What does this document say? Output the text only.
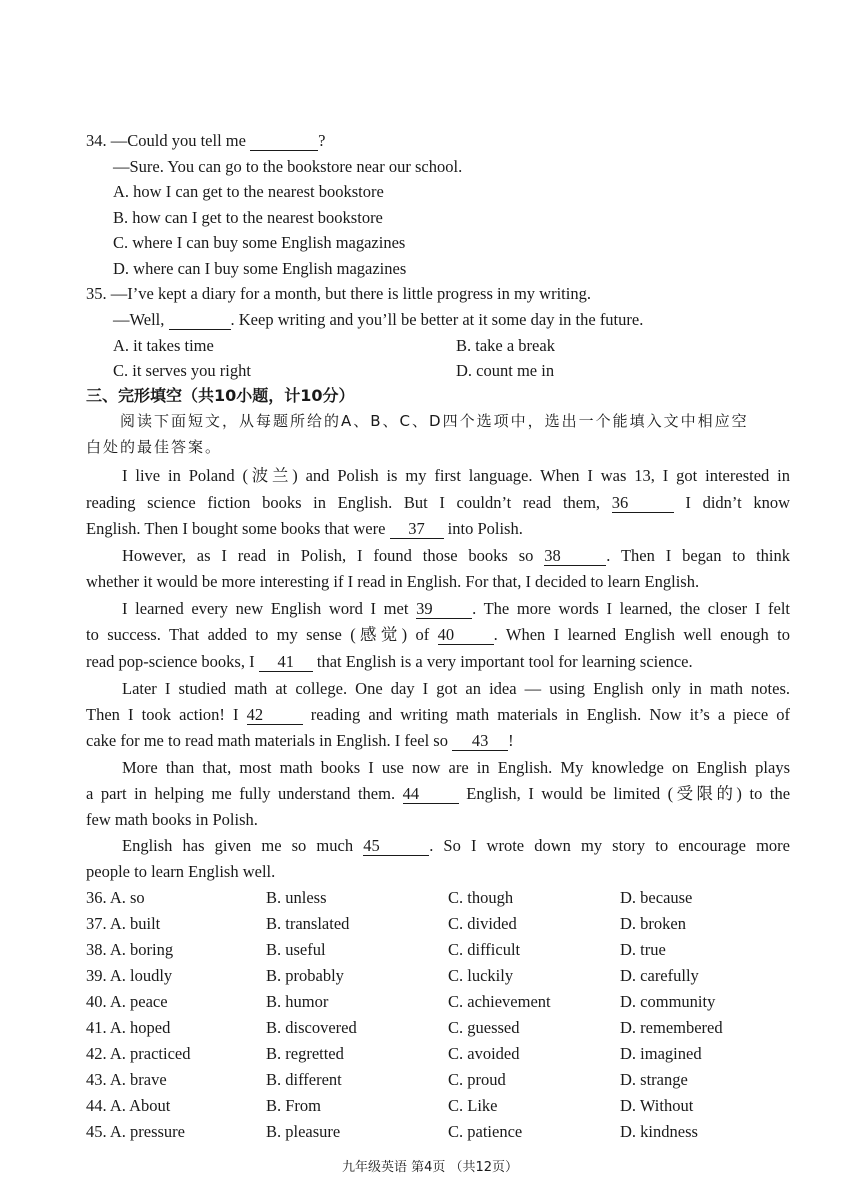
34. —Could you tell me	?
—Sure. You can go to the bookstore near our school.
A. how I can get to the nearest bookstore
B. how can I get to the nearest bookstore
C. where I can buy some English magazines
D. where can I buy some English magazines
35. —I’ve kept a diary for a month, but there is little progress in my writing.
—Well,	. Keep writing and you’ll be better at it some day in the future.
A. it takes time	B. take a break
C. it serves you right	D. count me in
三、完形填空（共10小题，计10分）
阅读下面短文，从每题所给的A、B、C、D四个选项中，选出一个能填入文中相应空
白处的最佳答案。
I live in Poland (波兰) and Polish is my first language. When I was 13, I got interested in
reading science fiction books in English. But I couldn’t read them, 36	I didn’t know
English. Then I bought some books that were 37 into Polish.
However, as I read in Polish, I found those books so 38	. Then I began to think
whether it would be more interesting if I read in English. For that, I decided to learn English.
I learned every new English word I met 39 . The more words I learned, the closer I felt
to success. That added to my sense (感觉) of 40 . When I learned English well enough to
read pop-science books, I 41 that English is a very important tool for learning science.
Later I studied math at college. One day I got an idea — using English only in math notes.
Then I took action! I 42	reading and writing math materials in English. Now it’s a piece of
cake for me to read math materials in English. I feel so 43 !
More than that, most math books I use now are in English. My knowledge on English plays
a part in helping me fully understand them. 44	English, I would be limited (受限的) to the
few math books in Polish.
English has given me so much 45	. So I wrote down my story to encourage more
people to learn English well.
36. A. so	B. unless	C. though	D. because
37. A. built	B. translated	C. divided	D. broken
38. A. boring	B. useful	C. difficult	D. true
39. A. loudly	B. probably	C. luckily	D. carefully
40. A. peace	B. humor	C. achievement	D. community
41. A. hoped	B. discovered	C. guessed	D. remembered
42. A. practiced	B. regretted	C. avoided	D. imagined
43. A. brave	B. different	C. proud	D. strange
44. A. About	B. From	C. Like	D. Without
45. A. pressure	B. pleasure	C. patience	D. kindness
九年级英语 第4页 （共12页）
